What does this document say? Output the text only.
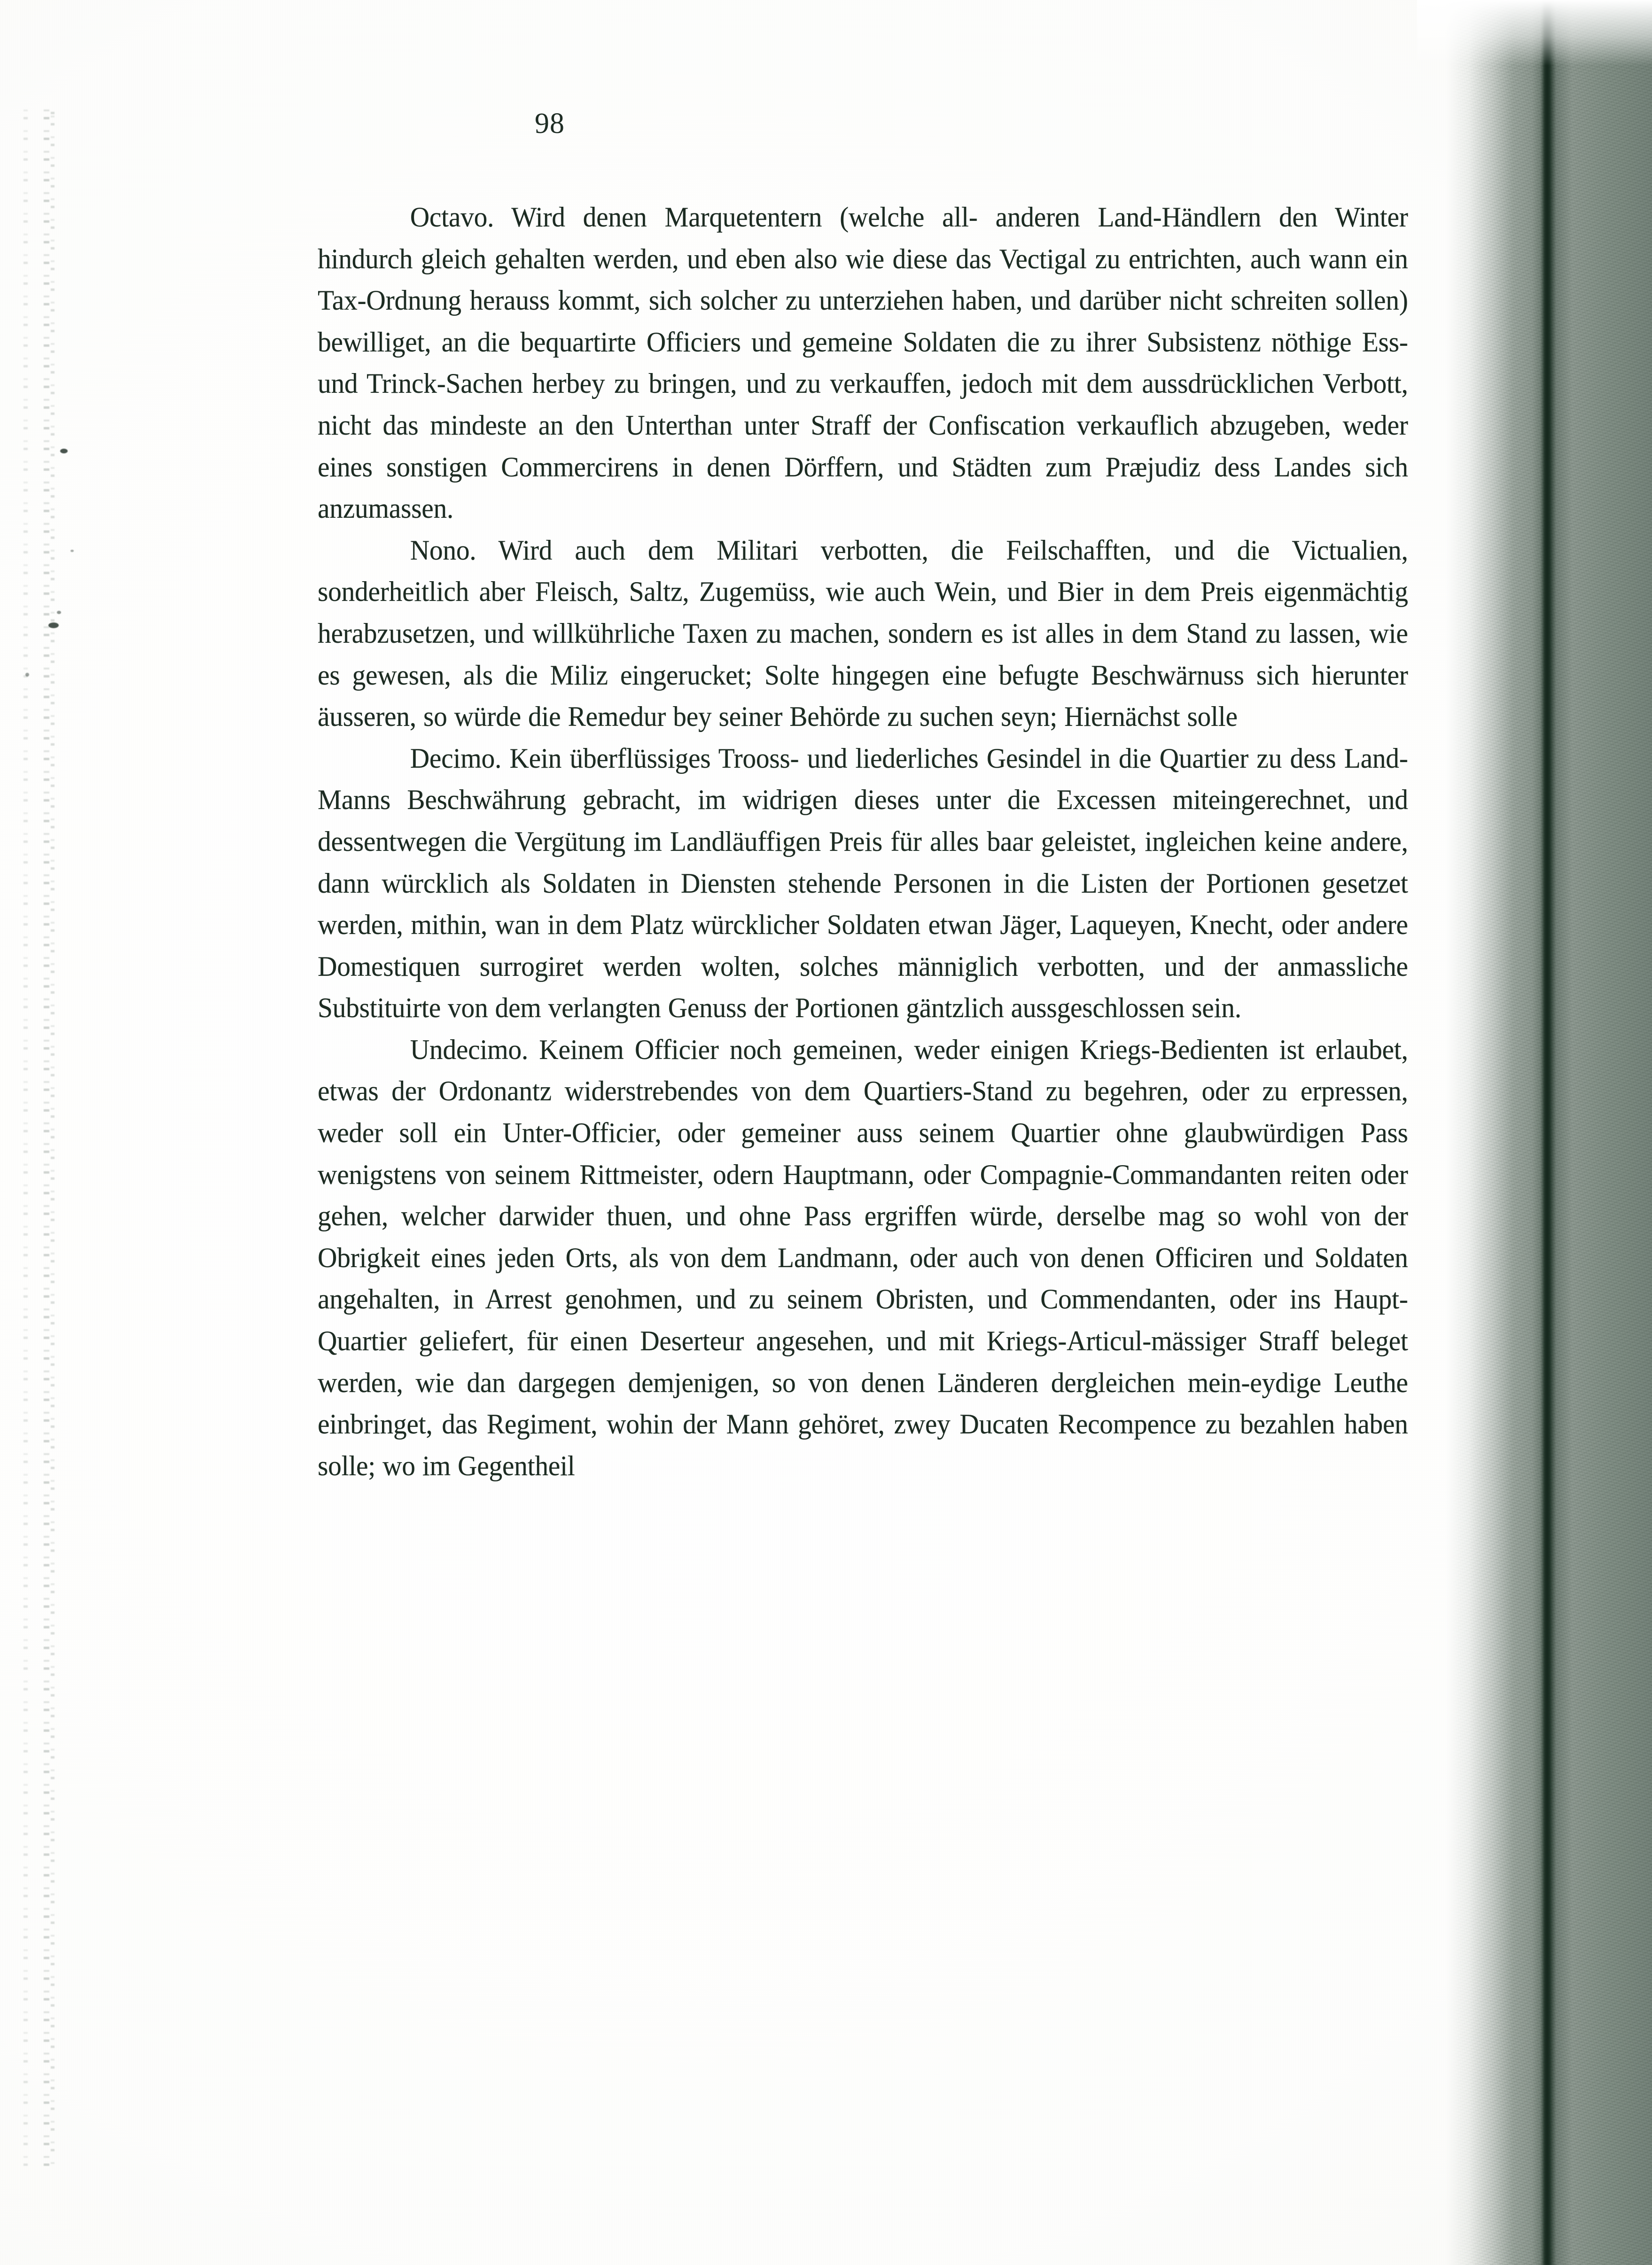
98

Octavo. Wird denen Marquetentern (welche all- anderen Land-Händlern den Winter hindurch gleich gehalten werden, und eben also wie diese das Vectigal zu entrichten, auch wann ein Tax-Ordnung herauss kommt, sich solcher zu unterziehen haben, und darüber nicht schreiten sollen) bewilliget, an die bequartirte Officiers und gemeine Soldaten die zu ihrer Subsistenz nöthige Ess- und Trinck-Sachen herbey zu bringen, und zu verkauffen, jedoch mit dem aussdrücklichen Verbott, nicht das mindeste an den Unterthan unter Straff der Confiscation verkauflich abzugeben, weder eines sonstigen Commercirens in denen Dörffern, und Städten zum Præjudiz dess Landes sich anzumassen.

Nono. Wird auch dem Militari verbotten, die Feilschafften, und die Victualien, sonderheitlich aber Fleisch, Saltz, Zugemüss, wie auch Wein, und Bier in dem Preis eigenmächtig herabzusetzen, und willkührliche Taxen zu machen, sondern es ist alles in dem Stand zu lassen, wie es gewesen, als die Miliz eingerucket; Solte hingegen eine befugte Beschwärnuss sich hierunter äusseren, so würde die Remedur bey seiner Behörde zu suchen seyn; Hiernächst solle

Decimo. Kein überflüssiges Trooss- und liederliches Gesindel in die Quartier zu dess Land-Manns Beschwährung gebracht, im widrigen dieses unter die Excessen miteingerechnet, und dessentwegen die Vergütung im Landläuffigen Preis für alles baar geleistet, ingleichen keine andere, dann würcklich als Soldaten in Diensten stehende Personen in die Listen der Portionen gesetzet werden, mithin, wan in dem Platz würcklicher Soldaten etwan Jäger, Laqueyen, Knecht, oder andere Domestiquen surrogiret werden wolten, solches männiglich verbotten, und der anmassliche Substituirte von dem verlangten Genuss der Portionen gäntzlich aussgeschlossen sein.

Undecimo. Keinem Officier noch gemeinen, weder einigen Kriegs-Bedienten ist erlaubet, etwas der Ordonantz widerstrebendes von dem Quartiers-Stand zu begehren, oder zu erpressen, weder soll ein Unter-Officier, oder gemeiner auss seinem Quartier ohne glaubwürdigen Pass wenigstens von seinem Rittmeister, odern Hauptmann, oder Compagnie-Commandanten reiten oder gehen, welcher darwider thuen, und ohne Pass ergriffen würde, derselbe mag so wohl von der Obrigkeit eines jeden Orts, als von dem Landmann, oder auch von denen Officiren und Soldaten angehalten, in Arrest genohmen, und zu seinem Obristen, und Commendanten, oder ins Haupt-Quartier geliefert, für einen Deserteur angesehen, und mit Kriegs-Articul-mässiger Straff beleget werden, wie dan dargegen demjenigen, so von denen Länderen dergleichen mein-eydige Leuthe einbringet, das Regiment, wohin der Mann gehöret, zwey Ducaten Recompence zu bezahlen haben solle; wo im Gegentheil
